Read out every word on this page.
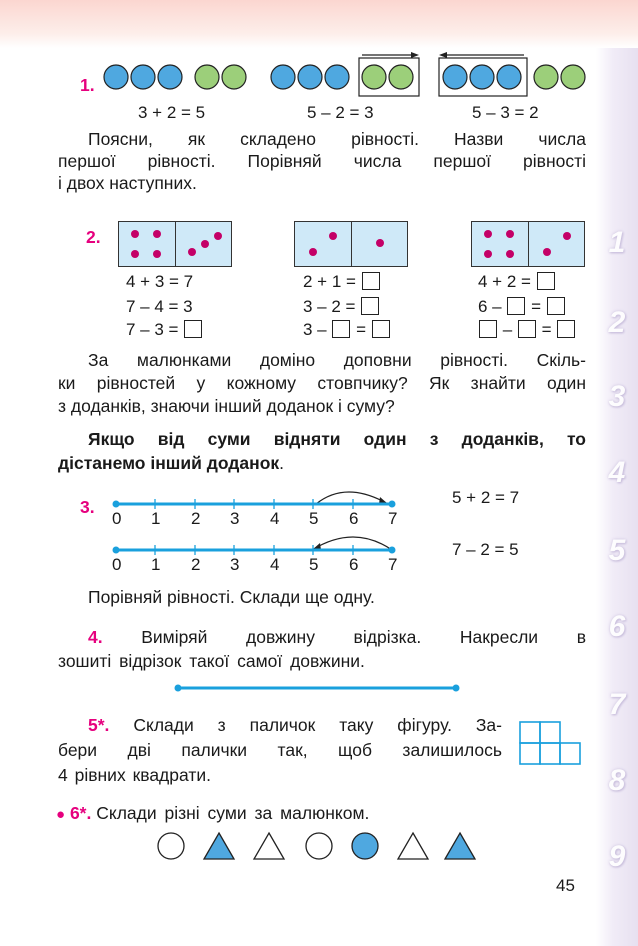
1
2
3
4
5
6
7
8
9
1.
3 + 2 = 5	5 – 2 = 3	5 – 3 = 2
Поясни, як складено рівності. Назви числа
першої рівності. Порівняй числа першої рівності
і двох наступних.
2.
4 + 3 = 7
7 – 4 = 3
7 – 3 =
2 + 1 =
3 – 2 =
3 – =
4 + 2 =
6 – =
– =
За малюнками доміно доповни рівності. Скіль-
ки рівностей у кожному стовпчику? Як знайти один
з доданків, знаючи інший доданок і суму?
Якщо від суми відняти один з доданків, то
дістанемо інший доданок.
3.
0 1 2 3 4 5 6 7
5 + 2 = 7
0 1 2 3 4 5 6 7
7 – 2 = 5
Порівняй рівності. Склади ще одну.
4. Виміряй довжину відрізка. Накресли в
зошиті відрізок такої самої довжини.
5*. Склади з паличок таку фігуру. За-
бери дві палички так, щоб залишилось
4 рівних квадрати.
● 6*. Склади різні суми за малюнком.
45
